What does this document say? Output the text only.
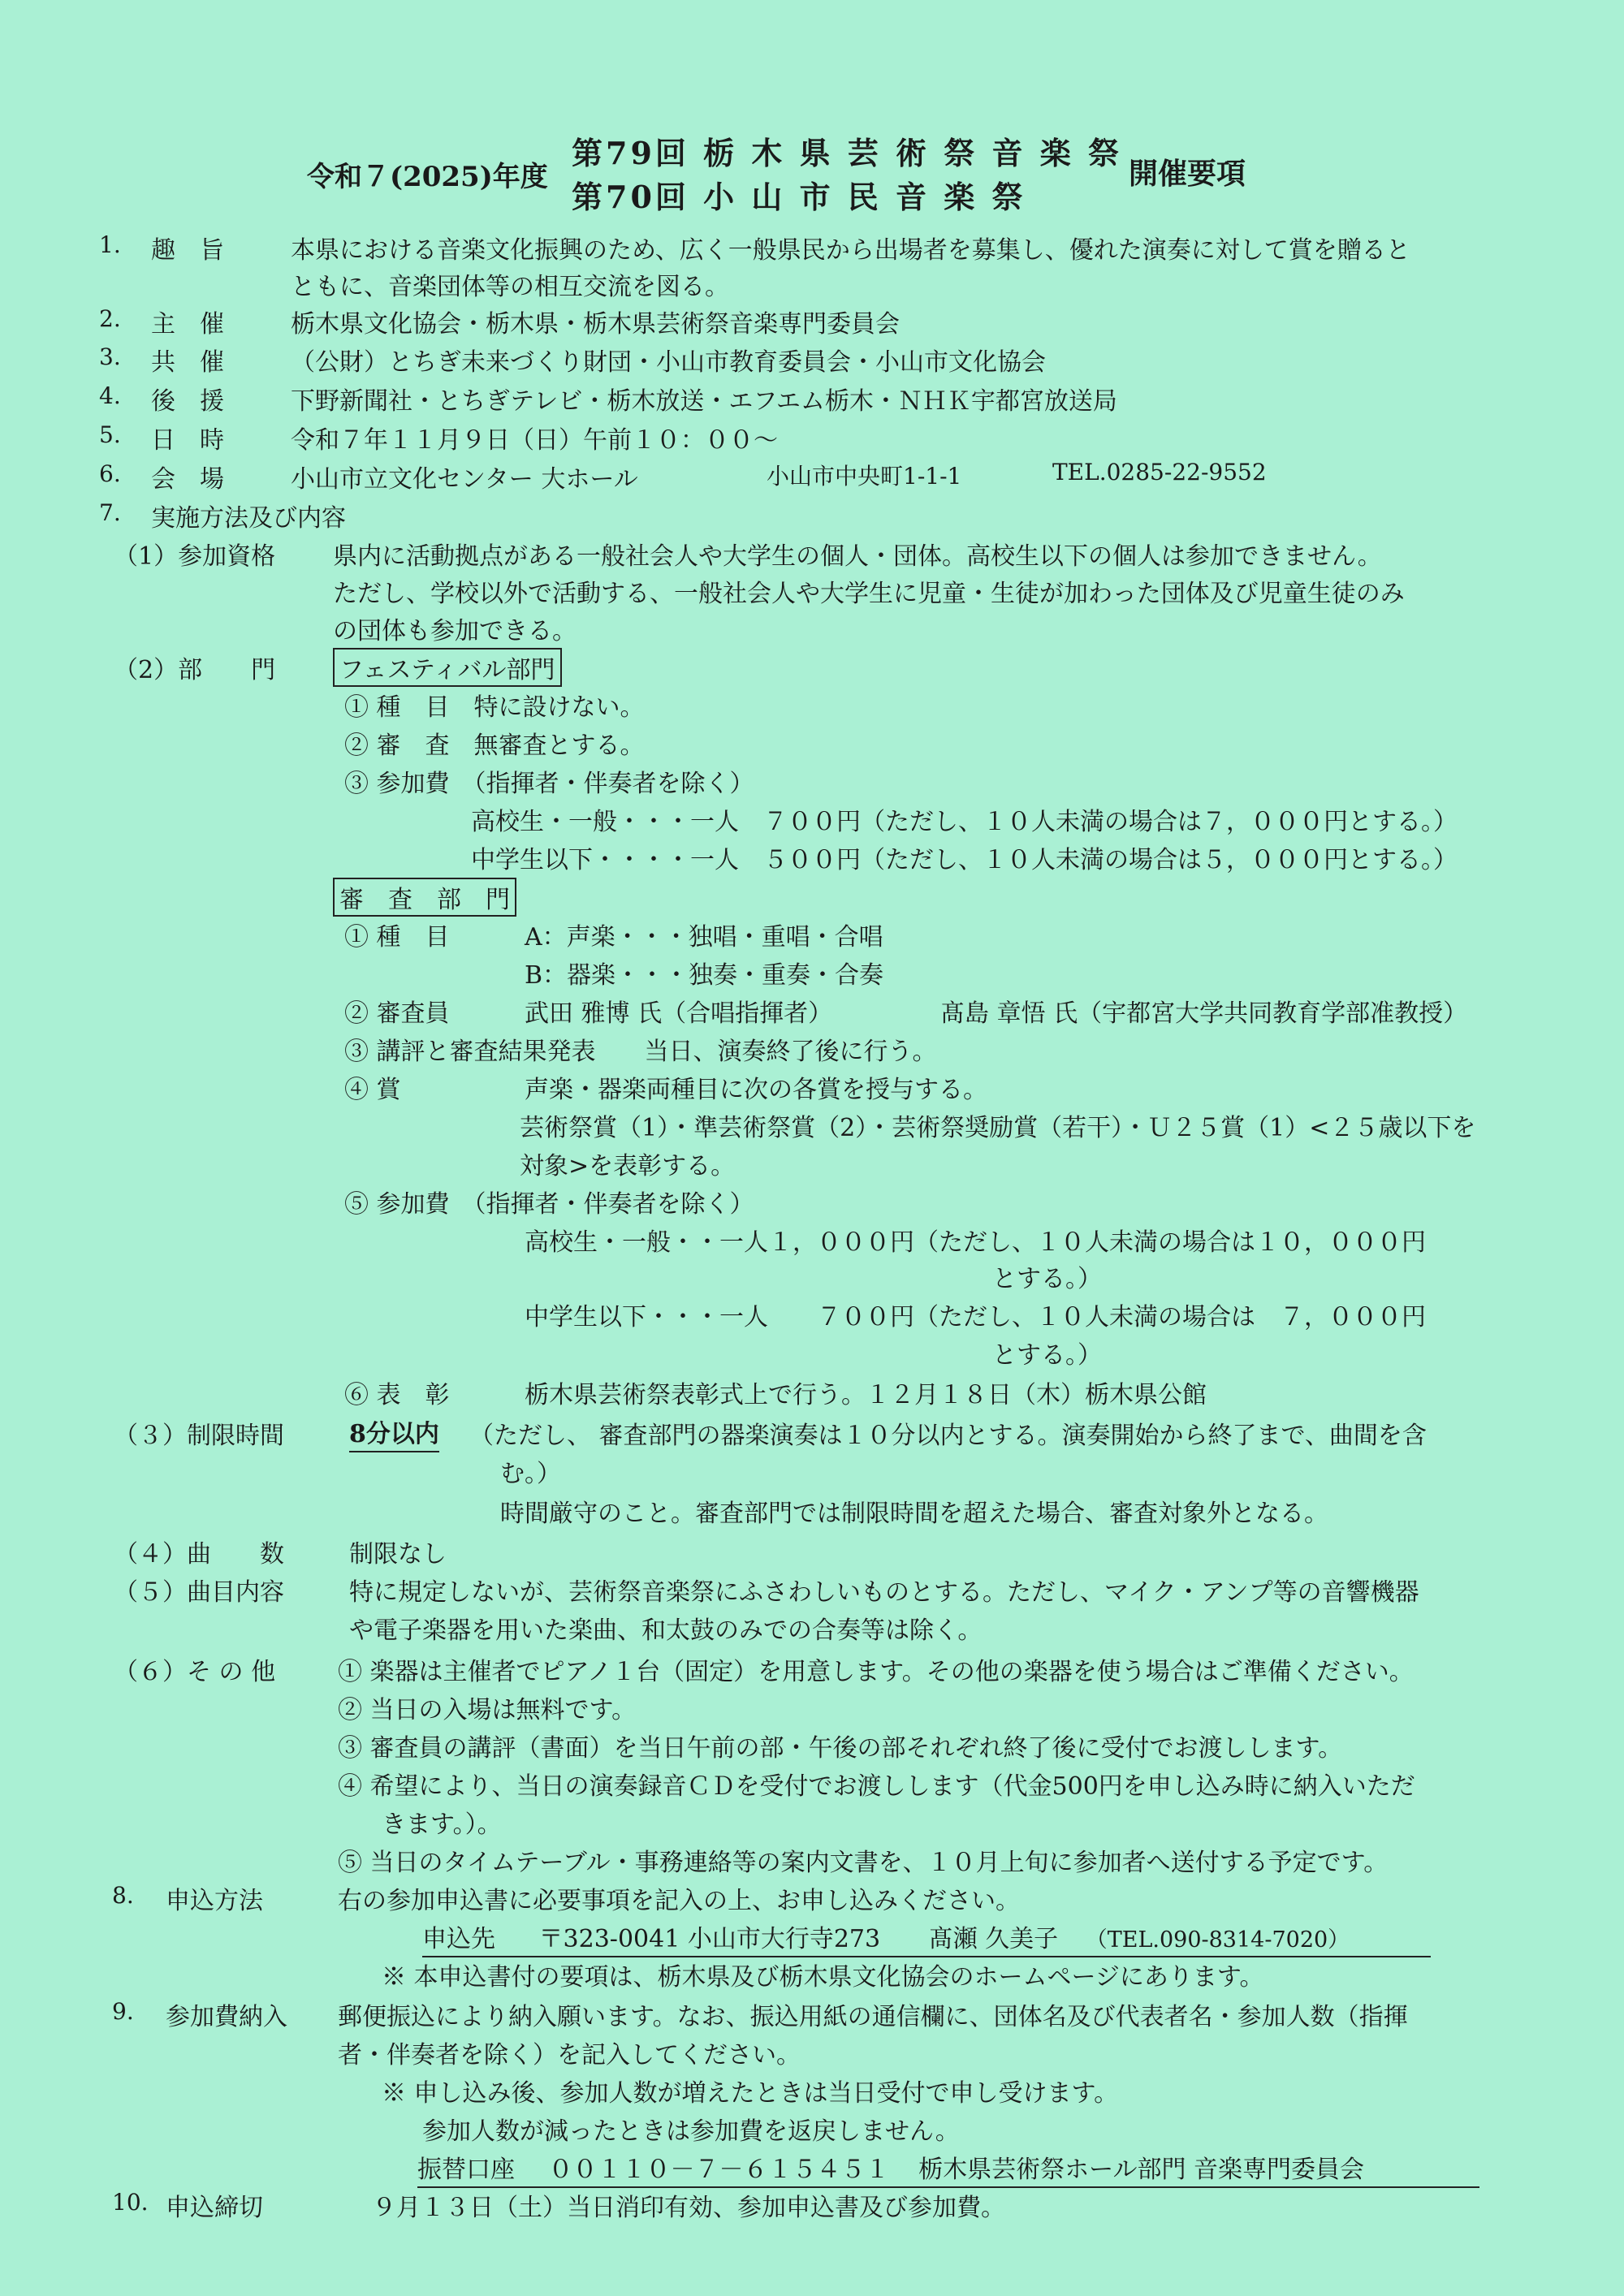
令和７(2025)年度
第79回 栃 木 県 芸 術 祭 音 楽 祭
第70回 小 山 市 民 音 楽 祭
開催要項
1. 趣　旨	本県における音楽文化振興のため、広く一般県民から出場者を募集し、優れた演奏に対して賞を贈ると
ともに、音楽団体等の相互交流を図る。
2. 主　催	栃木県文化協会・栃木県・栃木県芸術祭音楽専門委員会
3. 共　催	（公財）とちぎ未来づくり財団・小山市教育委員会・小山市文化協会
4. 後　援	下野新聞社・とちぎテレビ・栃木放送・エフエム栃木・ＮＨＫ宇都宮放送局
5. 日　時	令和７年１１月９日（日）午前１０：００～
6. 会　場	小山市立文化センター 大ホール	小山市中央町1-1-1	TEL.0285-22-9552
7. 実施方法及び内容
（1）参加資格 県内に活動拠点がある一般社会人や大学生の個人・団体。高校生以下の個人は参加できません。
ただし、学校以外で活動する、一般社会人や大学生に児童・生徒が加わった団体及び児童生徒のみ
の団体も参加できる。
（2）部　　門	フェスティバル部門
① 種　目　特に設けない。
② 審　査　無審査とする。
③ 参加費　（指揮者・伴奏者を除く）
高校生・一般・・・一人　７００円（ただし、１０人未満の場合は７，０００円とする。）
中学生以下・・・・一人　５００円（ただし、１０人未満の場合は５，０００円とする。）
審　査　部　門
① 種　目	A：声楽・・・独唱・重唱・合唱
B：器楽・・・独奏・重奏・合奏
② 審査員	武田 雅博 氏（合唱指揮者）	髙島 章悟 氏（宇都宮大学共同教育学部准教授）
③ 講評と審査結果発表　　当日、演奏終了後に行う。
④ 賞	声楽・器楽両種目に次の各賞を授与する。
芸術祭賞（1）・準芸術祭賞（2）・芸術祭奨励賞（若干）・Ｕ２５賞（1）<２５歳以下を
対象>を表彰する。
⑤ 参加費　（指揮者・伴奏者を除く）
高校生・一般・・一人１，０００円（ただし、１０人未満の場合は１０，０００円
とする。）
中学生以下・・・一人　　７００円（ただし、１０人未満の場合は　７，０００円
とする。）
⑥ 表　彰	栃木県芸術祭表彰式上で行う。１２月１８日（木）栃木県公館
（３）制限時間	8分以内 （ただし、 審査部門の器楽演奏は１０分以内とする。演奏開始から終了まで、曲間を含
む。）
時間厳守のこと。審査部門では制限時間を超えた場合、審査対象外となる。
（４）曲　　数	制限なし
（５）曲目内容	特に規定しないが、芸術祭音楽祭にふさわしいものとする。ただし、マイク・アンプ等の音響機器
や電子楽器を用いた楽曲、和太鼓のみでの合奏等は除く。
（６）そ の 他	① 楽器は主催者でピアノ１台（固定）を用意します。その他の楽器を使う場合はご準備ください。
② 当日の入場は無料です。
③ 審査員の講評（書面）を当日午前の部・午後の部それぞれ終了後に受付でお渡しします。
④ 希望により、当日の演奏録音ＣＤを受付でお渡しします（代金500円を申し込み時に納入いただ
きます。）。
⑤ 当日のタイムテーブル・事務連絡等の案内文書を、１０月上旬に参加者へ送付する予定です。
8. 申込方法	右の参加申込書に必要事項を記入の上、お申し込みください。
申込先 〒323-0041 小山市大行寺273 髙瀬 久美子 （TEL.090-8314-7020）
※ 本申込書付の要項は、栃木県及び栃木県文化協会のホームページにあります。
9. 参加費納入 郵便振込により納入願います。なお、振込用紙の通信欄に、団体名及び代表者名・参加人数（指揮
者・伴奏者を除く）を記入してください。
※ 申し込み後、参加人数が増えたときは当日受付で申し受けます。
参加人数が減ったときは参加費を返戻しません。
振替口座 ００１１０－７－６１５４５１ 栃木県芸術祭ホール部門 音楽専門委員会
10. 申込締切	９月１３日（土）当日消印有効、参加申込書及び参加費。
